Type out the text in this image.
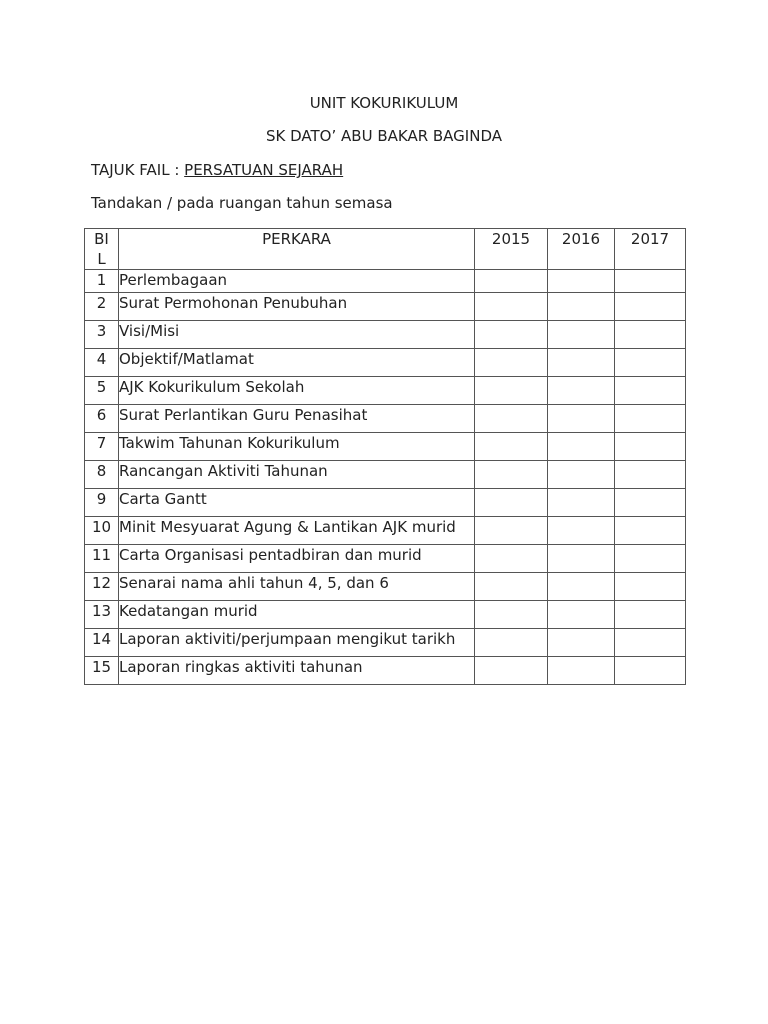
UNIT KOKURIKULUM
SK DATO’ ABU BAKAR BAGINDA
TAJUK FAIL : PERSATUAN SEJARAH
Tandakan / pada ruangan tahun semasa
BIL	PERKARA	2015	2016	2017
1	Perlembagaan			
2	Surat Permohonan Penubuhan			
3	Visi/Misi			
4	Objektif/Matlamat			
5	AJK Kokurikulum Sekolah			
6	Surat Perlantikan Guru Penasihat			
7	Takwim Tahunan Kokurikulum			
8	Rancangan Aktiviti Tahunan			
9	Carta Gantt			
10	Minit Mesyuarat Agung & Lantikan AJK murid			
11	Carta Organisasi pentadbiran dan murid			
12	Senarai nama ahli tahun 4, 5, dan 6			
13	Kedatangan murid			
14	Laporan aktiviti/perjumpaan mengikut tarikh			
15	Laporan ringkas aktiviti tahunan			
